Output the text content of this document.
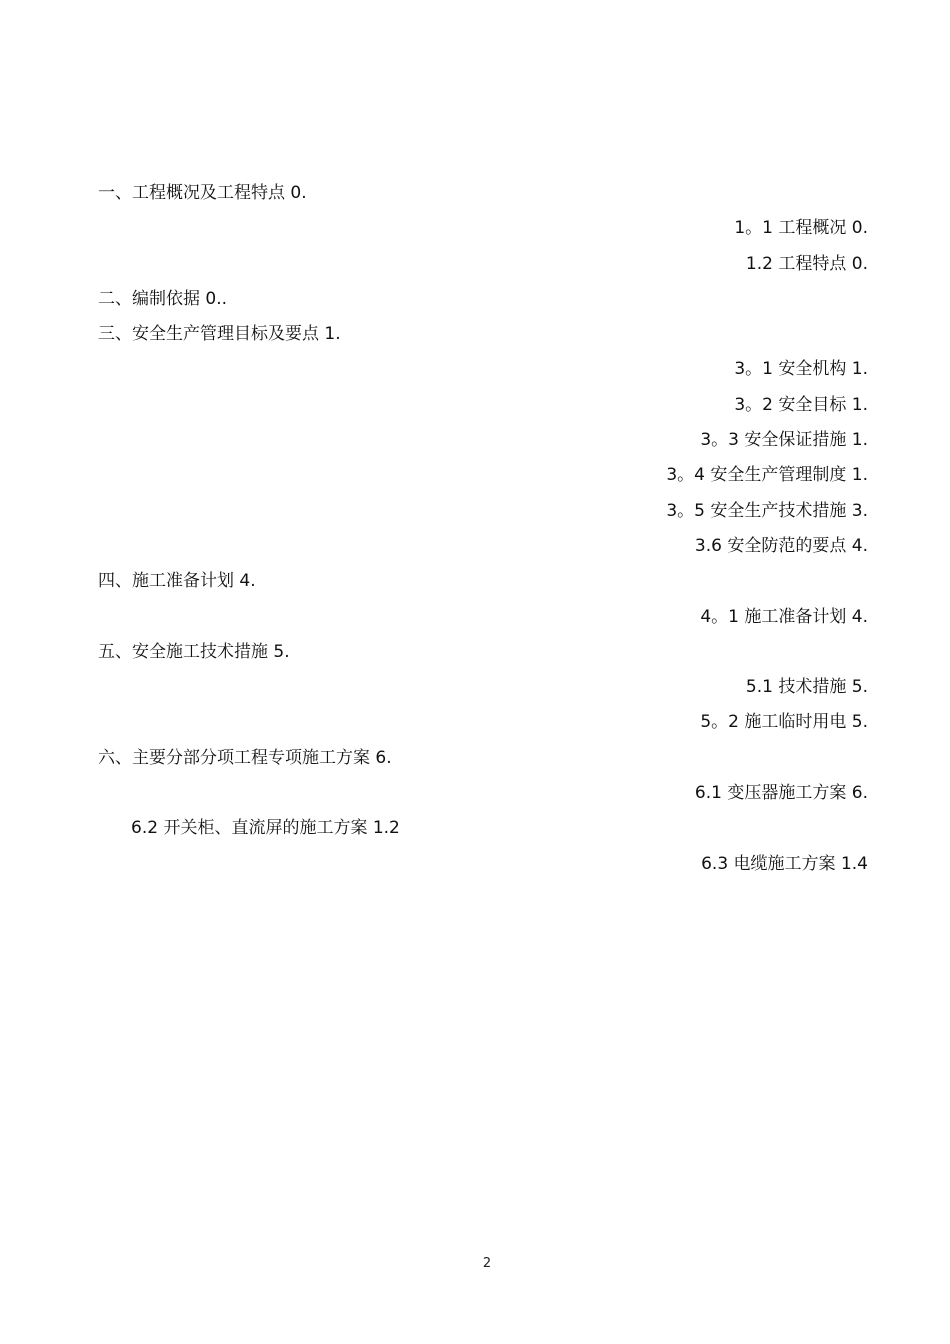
一、工程概况及工程特点 0.
1。1 工程概况 0.
1.2 工程特点 0.
二、编制依据 0..
三、安全生产管理目标及要点 1.
3。1 安全机构 1.
3。2 安全目标 1.
3。3 安全保证措施 1.
3。4 安全生产管理制度 1.
3。5 安全生产技术措施 3.
3.6 安全防范的要点 4.
四、施工准备计划 4.
4。1 施工准备计划 4.
五、安全施工技术措施 5.
5.1 技术措施 5.
5。2 施工临时用电 5.
六、主要分部分项工程专项施工方案 6.
6.1 变压器施工方案 6.
6.2 开关柜、直流屏的施工方案 1.2
6.3 电缆施工方案 1.4
2
